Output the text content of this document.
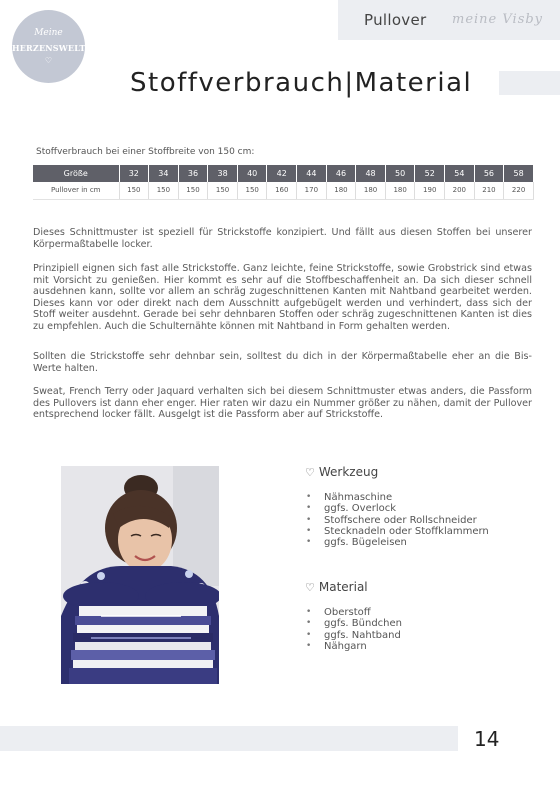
Pullover meine Visby
Meine
HERZENSWELT
♡
Stoffverbrauch|Material
Stoffverbrauch bei einer Stoffbreite von 150 cm:
Größe	32	34	36	38	40	42	44	46	48	50	52	54	56	58
Pullover in cm	150	150	150	150	150	160	170	180	180	180	190	200	210	220

Dieses Schnittmuster ist speziell für Strickstoffe konzipiert. Und fällt aus diesen Stoffen bei unserer Körpermaßtabelle locker.

Prinzipiell eignen sich fast alle Strickstoffe. Ganz leichte, feine Strickstoffe, sowie Grobstrick sind etwas mit Vorsicht zu genießen. Hier kommt es sehr auf die Stoffbeschaffenheit an. Da sich dieser schnell ausdehnen kann, sollte vor allem an schräg zugeschnittenen Kanten mit Nahtband gearbeitet werden. Dieses kann vor oder direkt nach dem Ausschnitt aufgebügelt werden und verhindert, dass sich der Stoff weiter ausdehnt. Gerade bei sehr dehnbaren Stoffen oder schräg zugeschnittenen Kanten ist dies zu empfehlen. Auch die Schulternähte können mit Nahtband in Form gehalten werden.

Sollten die Strickstoffe sehr dehnbar sein, solltest du dich in der Körpermaßtabelle eher an die Bis-Werte halten.

Sweat, French Terry oder Jaquard verhalten sich bei diesem Schnittmuster etwas anders, die Passform des Pullovers ist dann eher enger. Hier raten wir dazu ein Nummer größer zu nähen, damit der Pullover entsprechend locker fällt. Ausgelgt ist die Passform aber auf Strickstoffe.

♡ Werkzeug
• Nähmaschine
• ggfs. Overlock
• Stoffschere oder Rollschneider
• Stecknadeln oder Stoffklammern
• ggfs. Bügeleisen
♡ Material
• Oberstoff
• ggfs. Bündchen
• ggfs. Nahtband
• Nähgarn
14
